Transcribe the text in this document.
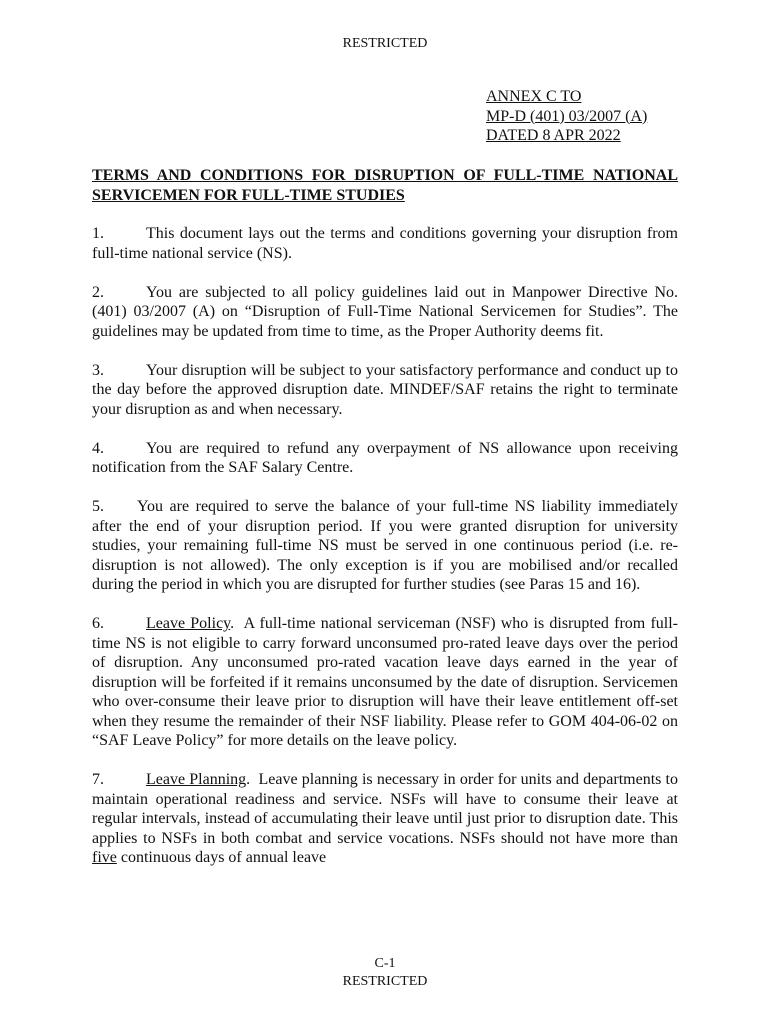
RESTRICTED
ANNEX C TO
MP-D (401) 03/2007 (A)
DATED 8 APR 2022

TERMS AND CONDITIONS FOR DISRUPTION OF FULL-TIME NATIONAL SERVICEMEN FOR FULL-TIME STUDIES

1.	This document lays out the terms and conditions governing your disruption from full-time national service (NS).

2.	You are subjected to all policy guidelines laid out in Manpower Directive No. (401) 03/2007 (A) on “Disruption of Full-Time National Servicemen for Studies”. The guidelines may be updated from time to time, as the Proper Authority deems fit.

3.	Your disruption will be subject to your satisfactory performance and conduct up to the day before the approved disruption date. MINDEF/SAF retains the right to terminate your disruption as and when necessary.

4.	You are required to refund any overpayment of NS allowance upon receiving notification from the SAF Salary Centre.

5. You are required to serve the balance of your full-time NS liability immediately after the end of your disruption period. If you were granted disruption for university studies, your remaining full-time NS must be served in one continuous period (i.e. re-disruption is not allowed). The only exception is if you are mobilised and/or recalled during the period in which you are disrupted for further studies (see Paras 15 and 16).

6.	Leave Policy.  A full-time national serviceman (NSF) who is disrupted from full-time NS is not eligible to carry forward unconsumed pro-rated leave days over the period of disruption. Any unconsumed pro-rated vacation leave days earned in the year of disruption will be forfeited if it remains unconsumed by the date of disruption. Servicemen who over-consume their leave prior to disruption will have their leave entitlement off-set when they resume the remainder of their NSF liability. Please refer to GOM 404-06-02 on “SAF Leave Policy” for more details on the leave policy.

7.	Leave Planning.  Leave planning is necessary in order for units and departments to maintain operational readiness and service. NSFs will have to consume their leave at regular intervals, instead of accumulating their leave until just prior to disruption date. This applies to NSFs in both combat and service vocations. NSFs should not have more than five continuous days of annual leave

C-1
RESTRICTED
